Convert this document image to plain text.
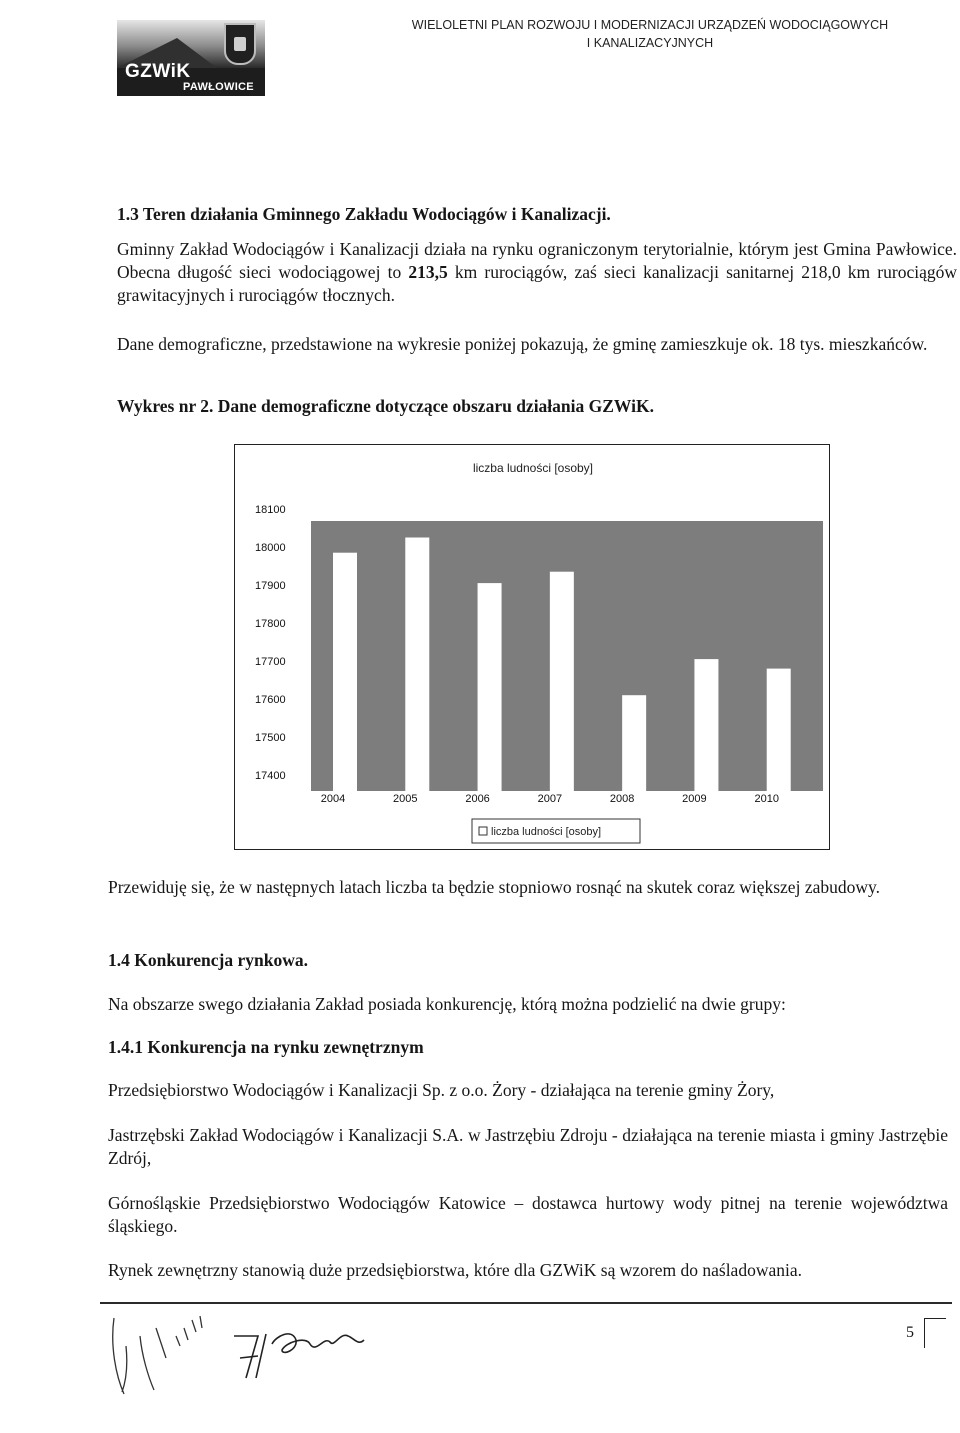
GZWiK
PAWŁOWICE
WIELOLETNI PLAN ROZWOJU I MODERNIZACJI URZĄDZEŃ WODOCIĄGOWYCH
I KANALIZACYJNYCH
1.3 Teren działania Gminnego Zakładu Wodociągów i Kanalizacji.
Gminny Zakład Wodociągów i Kanalizacji działa na rynku ograniczonym terytorialnie, którym jest Gmina Pawłowice. Obecna długość sieci wodociągowej to 213,5 km rurociągów, zaś sieci kanalizacji sanitarnej 218,0 km rurociągów grawitacyjnych i rurociągów tłocznych.
Dane demograficzne, przedstawione na wykresie poniżej pokazują, że gminę zamieszkuje ok. 18 tys. mieszkańców.
Wykres nr 2. Dane demograficzne dotyczące obszaru działania GZWiK.
18100
18000
17900
17800
17700
17600
17500
17400
2004	2005	2006	2007	2008	2009	2010
liczba ludności [osoby]
liczba ludności [osoby]
Przewiduję się, że w następnych latach liczba ta będzie stopniowo rosnąć na skutek coraz większej zabudowy.
1.4 Konkurencja rynkowa.
Na obszarze swego działania Zakład posiada konkurencję, którą można podzielić na dwie grupy:
1.4.1 Konkurencja na rynku zewnętrznym
Przedsiębiorstwo Wodociągów i Kanalizacji Sp. z o.o. Żory - działająca na terenie gminy Żory,
Jastrzębski Zakład Wodociągów i Kanalizacji S.A. w Jastrzębiu Zdroju - działająca na terenie miasta i gminy Jastrzębie Zdrój,
Górnośląskie Przedsiębiorstwo Wodociągów Katowice – dostawca hurtowy wody pitnej na terenie województwa śląskiego.
Rynek zewnętrzny stanowią duże przedsiębiorstwa, które dla GZWiK są wzorem do naśladowania.
5
